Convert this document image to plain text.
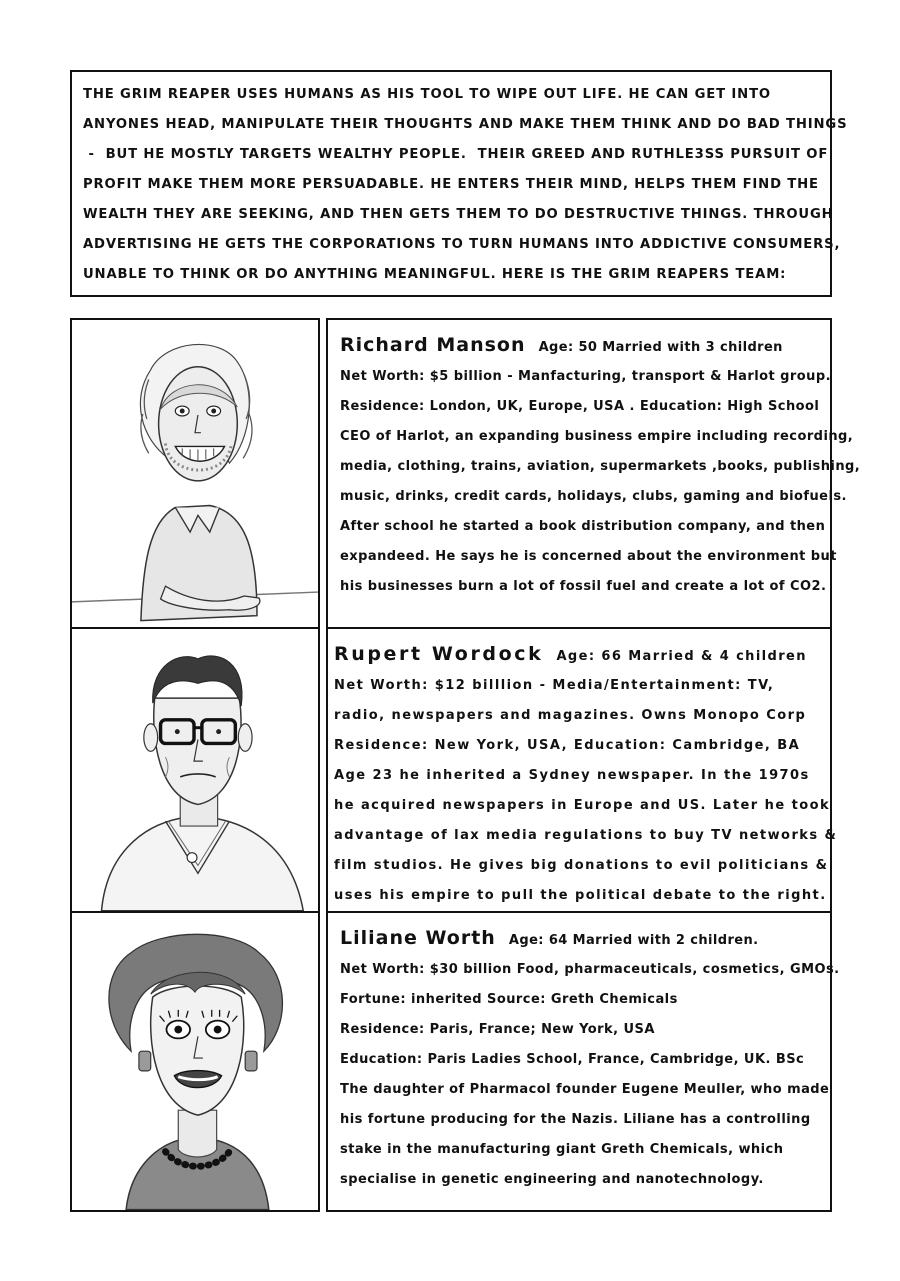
THE GRIM REAPER USES HUMANS AS HIS TOOL TO WIPE OUT LIFE. HE CAN GET INTO
ANYONES HEAD, MANIPULATE THEIR THOUGHTS AND MAKE THEM THINK AND DO BAD THINGS
-  BUT HE MOSTLY TARGETS WEALTHY PEOPLE.  THEIR GREED AND RUTHLE3SS PURSUIT OF
PROFIT MAKE THEM MORE PERSUADABLE. HE ENTERS THEIR MIND, HELPS THEM FIND THE
WEALTH THEY ARE SEEKING, AND THEN GETS THEM TO DO DESTRUCTIVE THINGS. THROUGH
ADVERTISING HE GETS THE CORPORATIONS TO TURN HUMANS INTO ADDICTIVE CONSUMERS,
UNABLE TO THINK OR DO ANYTHING MEANINGFUL. HERE IS THE GRIM REAPERS TEAM:
Richard Manson Age: 50 Married with 3 children
Net Worth: $5 billion - Manfacturing, transport & Harlot group.
Residence: London, UK, Europe, USA . Education: High School
CEO of Harlot, an expanding business empire including recording,
media, clothing, trains, aviation, supermarkets ,books, publishing,
music, drinks, credit cards, holidays, clubs, gaming and biofuels.
After school he started a book distribution company, and then
expandeed. He says he is concerned about the environment but
his businesses burn a lot of fossil fuel and create a lot of CO2.
Rupert Wordock Age: 66 Married & 4 children
Net Worth: $12 billlion - Media/Entertainment: TV,
radio, newspapers and magazines. Owns Monopo Corp
Residence: New York, USA, Education: Cambridge, BA
Age 23 he inherited a Sydney newspaper. In the 1970s
he acquired newspapers in Europe and US. Later he took
advantage of lax media regulations to buy TV networks &
film studios. He gives big donations to evil politicians &
uses his empire to pull the political debate to the right.
Liliane Worth Age: 64 Married with 2 children.
Net Worth: $30 billion Food, pharmaceuticals, cosmetics, GMOs.
Fortune: inherited Source: Greth Chemicals
Residence: Paris, France; New York, USA
Education: Paris Ladies School, France, Cambridge, UK. BSc
The daughter of Pharmacol founder Eugene Meuller, who made
his fortune producing for the Nazis. Liliane has a controlling
stake in the manufacturing giant Greth Chemicals, which
specialise in genetic engineering and nanotechnology.
